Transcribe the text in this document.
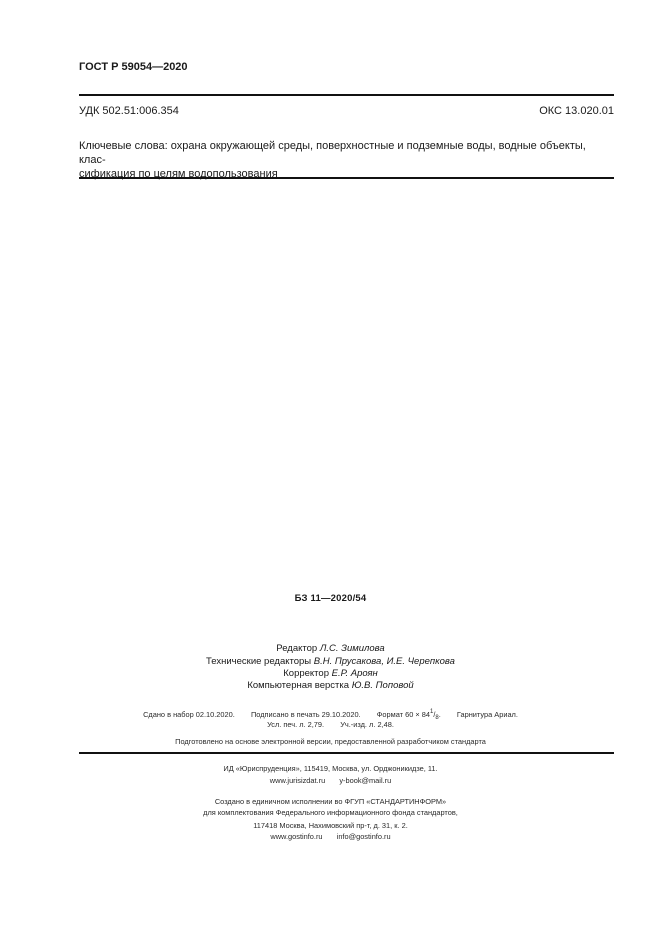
ГОСТ Р 59054—2020
УДК 502.51:006.354	ОКС 13.020.01
Ключевые слова: охрана окружающей среды, поверхностные и подземные воды, водные объекты, клас-
сификация по целям водопользования
БЗ 11—2020/54
Редактор Л.С. Зимилова
Технические редакторы В.Н. Прусакова, И.Е. Черепкова
Корректор Е.Р. Ароян
Компьютерная верстка Ю.В. Поповой
Сдано в набор 02.10.2020. Подписано в печать 29.10.2020. Формат $60 \times 84^1/_8$. Гарнитура Ариал.
Усл. печ. л. 2,79. Уч.-изд. л. 2,48.
Подготовлено на основе электронной версии, предоставленной разработчиком стандарта
ИД «Юриспруденция», 115419, Москва, ул. Орджоникидзе, 11.
www.jurisizdat.ru y-book@mail.ru
Создано в единичном исполнении во ФГУП «СТАНДАРТИНФОРМ»
для комплектования Федерального информационного фонда стандартов,
117418 Москва, Нахимовский пр-т, д. 31, к. 2.
www.gostinfo.ru info@gostinfo.ru
